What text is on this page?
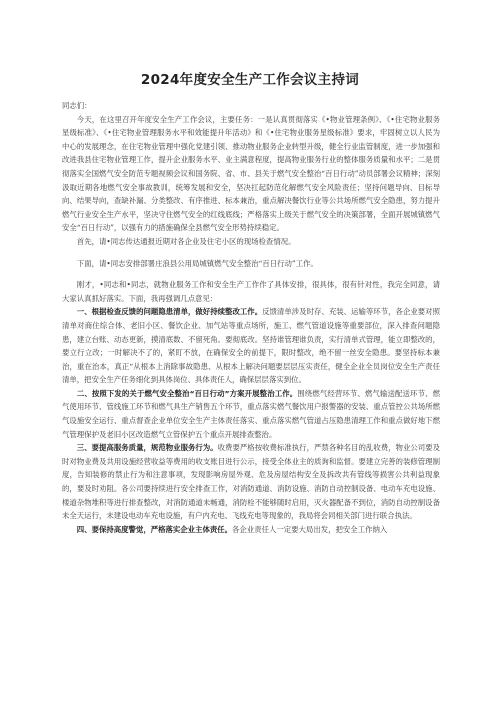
2024年度安全生产工作会议主持词

同志们：

今天，在这里召开年度安全生产工作会议，主要任务：一是认真贯彻落实《•物业管理条例》、《•住宅物业服务星级标准》、《•住宅物业管理服务水平和效能提升年活动》和《•住宅物业服务星级标准》要求，牢固树立以人民为中心的发展理念，在住宅物业管理中强化党建引领、推动物业服务企业转型升级，健全行业监管制度，进一步加强和改进我县住宅物业管理工作，提升企业服务水平、业主满意程度，提高物业服务行业的整体服务质量和水平；二是贯彻落实全国燃气安全防范专题视频会议和国务院、省、市、县关于燃气安全整治“百日行动”动员部署会议精神；深刻汲取近期各地燃气安全事故教训，统筹发展和安全，坚决扛起防范化解燃气安全风险责任；坚持问题导向、目标导向、结果导向，查缺补漏、分类整改、有序推进、标本兼治，重点解决餐饮行业等公共场所燃气安全隐患，努力提升燃气行业安全生产水平，坚决守住燃气安全的红线底线；严格落实上级关于燃气安全的决策部署，全面开展城镇燃气安全“百日行动”，以强有力的措施确保全县燃气安全形势持续稳定。

首先，请•同志传达通报近期对各企业及住宅小区的现场检查情况。

下面，请•同志安排部署庄浪县公用局城镇燃气安全整治“百日行动”工作。

刚才，•同志和•同志，就物业服务工作和安全生产工作作了具体安排，很具体，很有针对性，我完全同意，请大家认真抓好落实。下面，我再强调几点意见：

一、根据检查反馈的问题隐患清单，做好持续整改工作。反馈清单涉及时存、充装、运输等环节，各企业要对照清单对商住综合体、老旧小区、餐饮企业、加气站等重点场所，施工、燃气管道设施等重要部位，深入排查问题隐患，建立台账、动态更新，摸清底数、不留死角。要彻底改。坚持谁管理谁负责，实行清单式管理，能立即整改的，要立行立改；一时解决不了的，紧盯不放，在确保安全的前提下，限时整改，绝不留一丝安全隐患。要坚持标本兼治，重在治本，真正“从根本上消除事故隐患、从根本上解决问题要层层压实责任，健全企业全员岗位安全生产责任清单，把安全生产任务细化到具体岗位、具体责任人，确保层层落实到位。

二、按照下发的关于燃气安全整治“百日行动”方案开展整治工作。围绕燃气经营环节、燃气输送配送环节、燃气使用环节、管线施工环节和燃气具生产销售五个环节，重点落实燃气餐饮用户报警器的安装、重点管控公共场所燃气设施安全运行、重点督查企业单位安全生产主体责任落实、重点落实燃气管道占压隐患清理工作和重点做好地下燃气管理保护及老旧小区改造燃气立管保护五个重点开展排查整治。

三、要提高服务质量，规范物业服务行为。收费要严格按收费标准执行，严禁各种名目的乱收费，物业公司要及时对物业费及共用设施经营收益等费用的收支账目进行公示，接受全体业主的质询和监督。要建立完善的装修管理制度，告知装修的禁止行为和注意事项，发现影响房屋外观、危及房屋结构安全及拆改共有管线等损害公共利益现象的，要及时劝阻。各公司要持续进行安全排查工作，对消防通道、消防设施、消防自动控制设备、电动车充电设施、楼道杂物堆积等进行排查整改，对消防通道未畅通，消防栓不能够随时启用，灭火器配备不到位，消防自动控制设备未全天运行，未建设电动车充电设施，有户内充电、飞线充电等现象的，我局将会同相关部门进行联合执法。

四、要保持高度警觉，严格落实企业主体责任。各企业责任人一定要大局出发，把安全工作纳入
